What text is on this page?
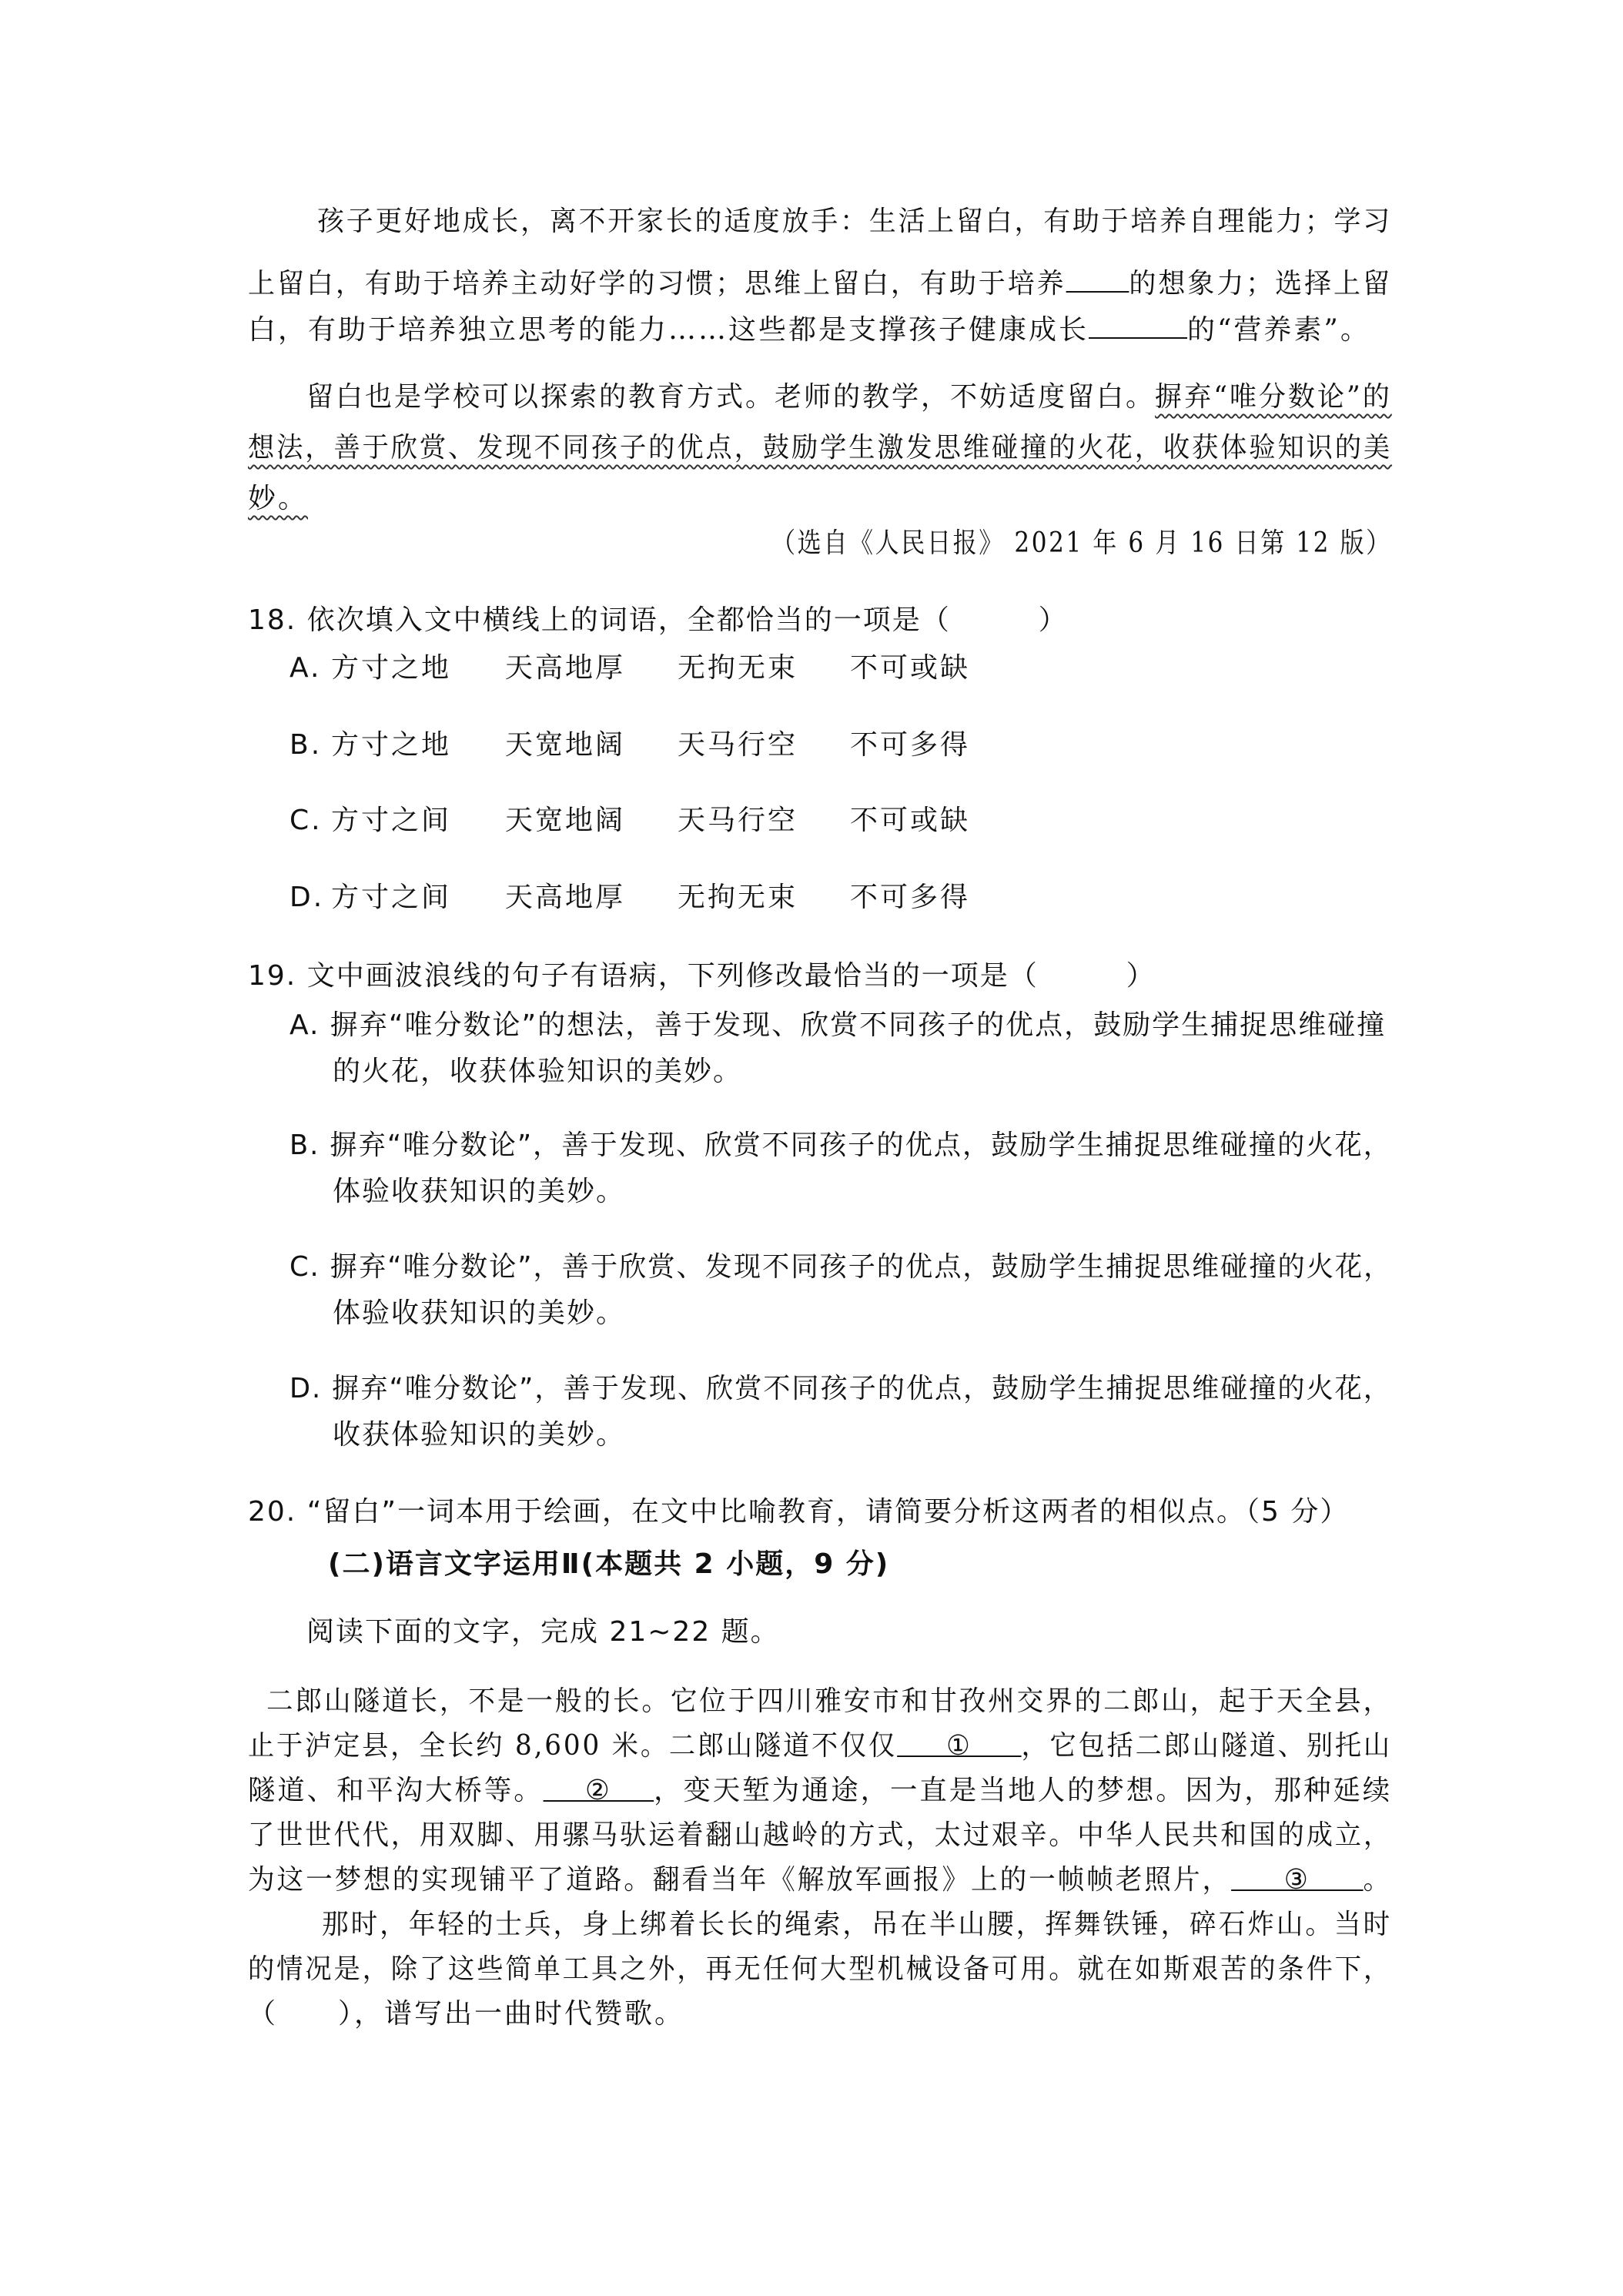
孩子更好地成长，离不开家长的适度放手：生活上留白，有助于培养自理能力；学习
上留白，有助于培养主动好学的习惯；思维上留白，有助于培养 的想象力；选择上留
白，有助于培养独立思考的能力……这些都是支撑孩子健康成长	的“营养素”。
留白也是学校可以探索的教育方式。老师的教学，不妨适度留白。摒弃“唯分数论”的
想法，善于欣赏、发现不同孩子的优点，鼓励学生激发思维碰撞的火花，收获体验知识的美
妙。
（选自《人民日报》 2021 年 6 月 16 日第 12 版）
18. 依次填入文中横线上的词语，全都恰当的一项是（　　　）
A. 方寸之地 天高地厚 无拘无束 不可或缺
B. 方寸之地 天宽地阔 天马行空 不可多得
C. 方寸之间 天宽地阔 天马行空 不可或缺
D. 方寸之间 天高地厚 无拘无束 不可多得
19. 文中画波浪线的句子有语病，下列修改最恰当的一项是（　　　）
A. 摒弃“唯分数论”的想法，善于发现、欣赏不同孩子的优点，鼓励学生捕捉思维碰撞
的火花，收获体验知识的美妙。
B. 摒弃“唯分数论”，善于发现、欣赏不同孩子的优点，鼓励学生捕捉思维碰撞的火花，
体验收获知识的美妙。
C. 摒弃“唯分数论”，善于欣赏、发现不同孩子的优点，鼓励学生捕捉思维碰撞的火花，
体验收获知识的美妙。
D. 摒弃“唯分数论”，善于发现、欣赏不同孩子的优点，鼓励学生捕捉思维碰撞的火花，
收获体验知识的美妙。
20. “留白”一词本用于绘画，在文中比喻教育，请简要分析这两者的相似点。（5 分）
(二)语言文字运用Ⅱ(本题共 2 小题，9 分)
阅读下面的文字，完成 21~22 题。
二郎山隧道长，不是一般的长。它位于四川雅安市和甘孜州交界的二郎山，起于天全县，
止于泸定县，全长约 8,600 米。二郎山隧道不仅仅 ① ，它包括二郎山隧道、别托山
隧道、和平沟大桥等。 ② ，变天堑为通途，一直是当地人的梦想。因为，那种延续
了世世代代，用双脚、用骡马驮运着翻山越岭的方式，太过艰辛。中华人民共和国的成立，
为这一梦想的实现铺平了道路。翻看当年《解放军画报》上的一帧帧老照片， ③ 。
那时，年轻的士兵，身上绑着长长的绳索，吊在半山腰，挥舞铁锤，碎石炸山。当时
的情况是，除了这些简单工具之外，再无任何大型机械设备可用。就在如斯艰苦的条件下，
（　　），谱写出一曲时代赞歌。
